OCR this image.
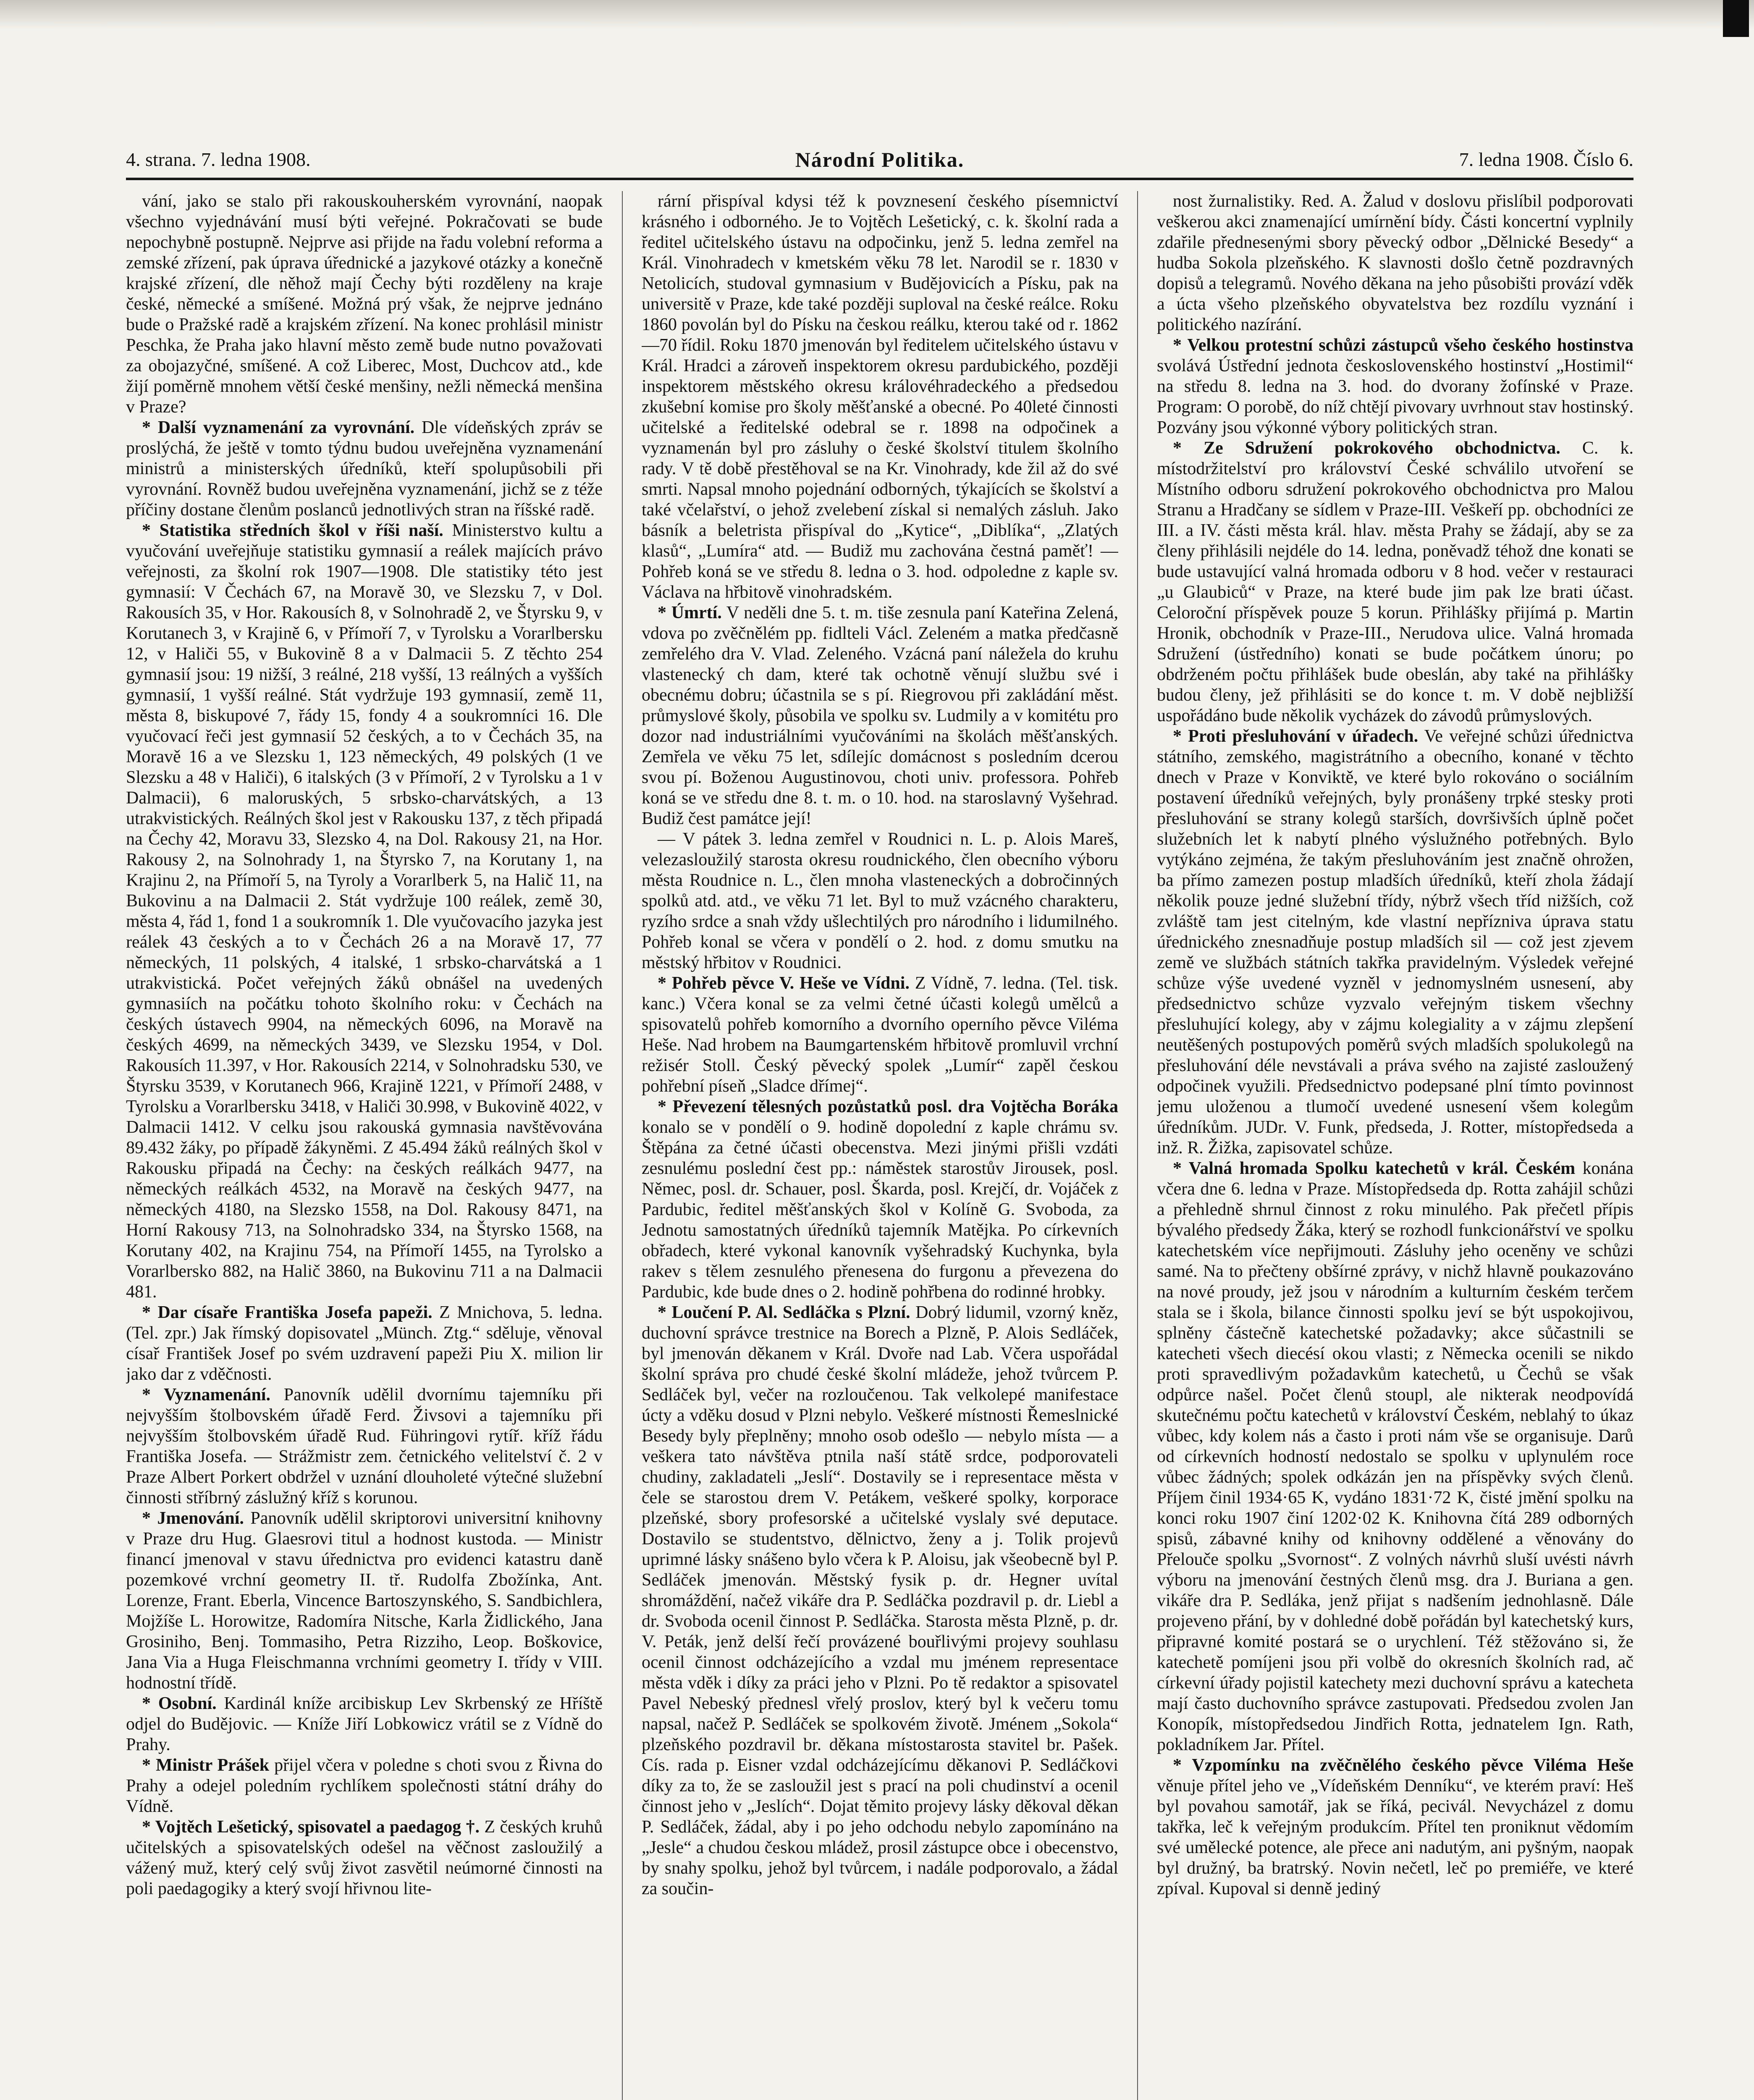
4. strana. 7. ledna 1908.	Národní Politika.	7. ledna 1908. Číslo 6.

vání, jako se stalo při rakouskouherském vyrovnání, naopak všechno vyjednávání musí býti veřejné. Pokračovati se bude nepochybně postupně. Nejprve asi přijde na řadu volební reforma a zemské zřízení, pak úprava úřednické a jazykové otázky a konečně krajské zřízení, dle něhož mají Čechy býti rozděleny na kraje české, německé a smíšené. Možná prý však, že nejprve jednáno bude o Pražské radě a krajském zřízení. Na konec prohlásil ministr Peschka, že Praha jako hlavní město země bude nutno považovati za obojazyčné, smíšené. A což Liberec, Most, Duchcov atd., kde žijí poměrně mnohem větší české menšiny, nežli německá menšina v Praze?

* Další vyznamenání za vyrovnání. Dle vídeňských zpráv se proslýchá, že ještě v tomto týdnu budou uveřejněna vyznamenání ministrů a ministerských úředníků, kteří spolupůsobili při vyrovnání. Rovněž budou uveřejněna vyznamenání, jichž se z téže příčiny dostane členům poslanců jednotlivých stran na říšské radě.

* Statistika středních škol v říši naší. Ministerstvo kultu a vyučování uveřejňuje statistiku gymnasií a reálek majících právo veřejnosti, za školní rok 1907—1908. Dle statistiky této jest gymnasií: V Čechách 67, na Moravě 30, ve Slezsku 7, v Dol. Rakousích 35, v Hor. Rakousích 8, v Solnohradě 2, ve Štyrsku 9, v Korutanech 3, v Krajině 6, v Přímoří 7, v Tyrolsku a Vorarlbersku 12, v Haliči 55, v Bukovině 8 a v Dalmacii 5. Z těchto 254 gymnasií jsou: 19 nižší, 3 reálné, 218 vyšší, 13 reálných a vyšších gymnasií, 1 vyšší reálné. Stát vydržuje 193 gymnasií, země 11, města 8, biskupové 7, řády 15, fondy 4 a soukromníci 16. Dle vyučovací řeči jest gymnasií 52 českých, a to v Čechách 35, na Moravě 16 a ve Slezsku 1, 123 německých, 49 polských (1 ve Slezsku a 48 v Haliči), 6 italských (3 v Přímoří, 2 v Tyrolsku a 1 v Dalmacii), 6 maloruských, 5 srbsko-charvátských, a 13 utrakvistických. Reálných škol jest v Rakousku 137, z těch připadá na Čechy 42, Moravu 33, Slezsko 4, na Dol. Rakousy 21, na Hor. Rakousy 2, na Solnohrady 1, na Štyrsko 7, na Korutany 1, na Krajinu 2, na Přímoří 5, na Tyroly a Vorarlberk 5, na Halič 11, na Bukovinu a na Dalmacii 2. Stát vydržuje 100 reálek, země 30, města 4, řád 1, fond 1 a soukromník 1. Dle vyučovacího jazyka jest reálek 43 českých a to v Čechách 26 a na Moravě 17, 77 německých, 11 polských, 4 italské, 1 srbsko-charvátská a 1 utrakvistická. Počet veřejných žáků obnášel na uvedených gymnasiích na počátku tohoto školního roku: v Čechách na českých ústavech 9904, na německých 6096, na Moravě na českých 4699, na německých 3439, ve Slezsku 1954, v Dol. Rakousích 11.397, v Hor. Rakousích 2214, v Solnohradsku 530, ve Štyrsku 3539, v Korutanech 966, Krajině 1221, v Přímoří 2488, v Tyrolsku a Vorarlbersku 3418, v Haliči 30.998, v Bukovině 4022, v Dalmacii 1412. V celku jsou rakouská gymnasia navštěvována 89.432 žáky, po případě žákyněmi. Z 45.494 žáků reálných škol v Rakousku připadá na Čechy: na českých reálkách 9477, na německých reálkách 4532, na Moravě na českých 9477, na německých 4180, na Slezsko 1558, na Dol. Rakousy 8471, na Horní Rakousy 713, na Solnohradsko 334, na Štyrsko 1568, na Korutany 402, na Krajinu 754, na Přímoří 1455, na Tyrolsko a Vorarlbersko 882, na Halič 3860, na Bukovinu 711 a na Dalmacii 481.

* Dar císaře Františka Josefa papeži. Z Mnichova, 5. ledna. (Tel. zpr.) Jak římský dopisovatel „Münch. Ztg.“ sděluje, věnoval císař František Josef po svém uzdravení papeži Piu X. milion lir jako dar z vděčnosti.

* Vyznamenání. Panovník udělil dvornímu tajemníku při nejvyšším štolbovském úřadě Ferd. Živsovi a tajemníku při nejvyšším štolbovském úřadě Rud. Führingovi rytíř. kříž řádu Františka Josefa. — Strážmistr zem. četnického velitelství č. 2 v Praze Albert Porkert obdržel v uznání dlouholeté výtečné služební činnosti stříbrný záslužný kříž s korunou.

* Jmenování. Panovník udělil skriptorovi universitní knihovny v Praze dru Hug. Glaesrovi titul a hodnost kustoda. — Ministr financí jmenoval v stavu úřednictva pro evidenci katastru daně pozemkové vrchní geometry II. tř. Rudolfa Zbožínka, Ant. Lorenze, Frant. Eberla, Vincence Bartoszynského, S. Sandbichlera, Mojžíše L. Horowitze, Radomíra Nitsche, Karla Židlického, Jana Grosiniho, Benj. Tommasiho, Petra Rizziho, Leop. Boškovice, Jana Via a Huga Fleischmanna vrchními geometry I. třídy v VIII. hodnostní třídě.

* Osobní. Kardinál kníže arcibiskup Lev Skrbenský ze Hříště odjel do Budějovic. — Kníže Jiří Lobkowicz vrátil se z Vídně do Prahy.

* Ministr Prášek přijel včera v poledne s choti svou z Řivna do Prahy a odejel poledním rychlíkem společnosti státní dráhy do Vídně.

* Vojtěch Lešetický, spisovatel a paedagog †. Z českých kruhů učitelských a spisovatelských odešel na věčnost zasloužilý a vážený muž, který celý svůj život zasvětil neúmorné činnosti na poli paedagogiky a který svojí hřivnou lite-

rární přispíval kdysi též k povznesení českého písemnictví krásného i odborného. Je to Vojtěch Lešetický, c. k. školní rada a ředitel učitelského ústavu na odpočinku, jenž 5. ledna zemřel na Král. Vinohradech v kmetském věku 78 let. Narodil se r. 1830 v Netolicích, studoval gymnasium v Budějovicích a Písku, pak na universitě v Praze, kde také později suploval na české reálce. Roku 1860 povolán byl do Písku na českou reálku, kterou také od r. 1862—70 řídil. Roku 1870 jmenován byl ředitelem učitelského ústavu v Král. Hradci a zároveň inspektorem okresu pardubického, později inspektorem městského okresu královéhradeckého a předsedou zkušební komise pro školy měšťanské a obecné. Po 40leté činnosti učitelské a ředitelské odebral se r. 1898 na odpočinek a vyznamenán byl pro zásluhy o české školství titulem školního rady. V tě době přestěhoval se na Kr. Vinohrady, kde žil až do své smrti. Napsal mnoho pojednání odborných, týkajících se školství a také včelařství, o jehož zvelebení získal si nemalých zásluh. Jako básník a beletrista přispíval do „Kytice“, „Diblíka“, „Zlatých klasů“, „Lumíra“ atd. — Budiž mu zachována čestná paměť! — Pohřeb koná se ve středu 8. ledna o 3. hod. odpoledne z kaple sv. Václava na hřbitově vinohradském.

* Úmrtí. V neděli dne 5. t. m. tiše zesnula paní Kateřina Zelená, vdova po zvěčnělém pp. fidlteli Václ. Zeleném a matka předčasně zemřelého dra V. Vlad. Zeleného. Vzácná paní náležela do kruhu vlastenecký ch dam, které tak ochotně věnují službu své i obecnému dobru; účastnila se s pí. Riegrovou při zakládání měst. průmyslové školy, působila ve spolku sv. Ludmily a v komitétu pro dozor nad industriálními vyučováními na školách měšťanských. Zemřela ve věku 75 let, sdílejíc domácnost s posledním dcerou svou pí. Boženou Augustinovou, choti univ. professora. Pohřeb koná se ve středu dne 8. t. m. o 10. hod. na staroslavný Vyšehrad. Budiž čest památce její!

— V pátek 3. ledna zemřel v Roudnici n. L. p. Alois Mareš, velezasloužilý starosta okresu roudnického, člen obecního výboru města Roudnice n. L., člen mnoha vlasteneckých a dobročinných spolků atd. atd., ve věku 71 let. Byl to muž vzácného charakteru, ryzího srdce a snah vždy ušlechtilých pro národního i lidumilného. Pohřeb konal se včera v pondělí o 2. hod. z domu smutku na městský hřbitov v Roudnici.

* Pohřeb pěvce V. Heše ve Vídni. Z Vídně, 7. ledna. (Tel. tisk. kanc.) Včera konal se za velmi četné účasti kolegů umělců a spisovatelů pohřeb komorního a dvorního operního pěvce Viléma Heše. Nad hrobem na Baumgartenském hřbitově promluvil vrchní režisér Stoll. Český pěvecký spolek „Lumír“ zapěl českou pohřební píseň „Sladce dřímej“.

* Převezení tělesných pozůstatků posl. dra Vojtěcha Boráka konalo se v pondělí o 9. hodině dopolední z kaple chrámu sv. Štěpána za četné účasti obecenstva. Mezi jinými přišli vzdáti zesnulému poslední čest pp.: náměstek starostův Jirousek, posl. Němec, posl. dr. Schauer, posl. Škarda, posl. Krejčí, dr. Vojáček z Pardubic, ředitel měšťanských škol v Kolíně G. Svoboda, za Jednotu samostatných úředníků tajemník Matějka. Po církevních obřadech, které vykonal kanovník vyšehradský Kuchynka, byla rakev s tělem zesnulého přenesena do furgonu a převezena do Pardubic, kde bude dnes o 2. hodině pohřbena do rodinné hrobky.

* Loučení P. Al. Sedláčka s Plzní. Dobrý lidumil, vzorný kněz, duchovní správce trestnice na Borech a Plzně, P. Alois Sedláček, byl jmenován děkanem v Král. Dvoře nad Lab. Včera uspořádal školní správa pro chudé české školní mládeže, jehož tvůrcem P. Sedláček byl, večer na rozloučenou. Tak velkolepé manifestace úcty a vděku dosud v Plzni nebylo. Veškeré místnosti Řemeslnické Besedy byly přeplněny; mnoho osob odešlo — nebylo místa — a veškera tato návštěva ptnila naší státě srdce, podporovateli chudiny, zakladateli „Jeslí“. Dostavily se i representace města v čele se starostou drem V. Petákem, veškeré spolky, korporace plzeňské, sbory profesorské a učitelské vyslaly své deputace. Dostavilo se studentstvo, dělnictvo, ženy a j. Tolik projevů uprimné lásky snášeno bylo včera k P. Aloisu, jak všeobecně byl P. Sedláček jmenován. Městský fysik p. dr. Hegner uvítal shromáždění, načež vikáře dra P. Sedláčka pozdravil p. dr. Liebl a dr. Svoboda ocenil činnost P. Sedláčka. Starosta města Plzně, p. dr. V. Peták, jenž delší řečí provázené bouřlivými projevy souhlasu ocenil činnost odcházejícího a vzdal mu jménem representace města vděk i díky za práci jeho v Plzni. Po tě redaktor a spisovatel Pavel Nebeský přednesl vřelý proslov, který byl k večeru tomu napsal, načež P. Sedláček se spolkovém životě. Jménem „Sokola“ plzeňského pozdravil br. děkana místostarosta stavitel br. Pašek. Cís. rada p. Eisner vzdal odcházejícímu děkanovi P. Sedláčkovi díky za to, že se zasloužil jest s prací na poli chudinství a ocenil činnost jeho v „Jeslích“. Dojat těmito projevy lásky děkoval děkan P. Sedláček, žádal, aby i po jeho odchodu nebylo zapomínáno na „Jesle“ a chudou českou mládež, prosil zástupce obce i obecenstvo, by snahy spolku, jehož byl tvůrcem, i nadále podporovalo, a žádal za součin-

nost žurnalistiky. Red. A. Žalud v doslovu přislíbil podporovati veškerou akci znamenající umírnění bídy. Části koncertní vyplnily zdařile přednesenými sbory pěvecký odbor „Dělnické Besedy“ a hudba Sokola plzeňského. K slavnosti došlo četně pozdravných dopisů a telegramů. Nového děkana na jeho působišti provází vděk a úcta všeho plzeňského obyvatelstva bez rozdílu vyznání i politického nazírání.

* Velkou protestní schůzi zástupců všeho českého hostinstva svolává Ústřední jednota československého hostinství „Hostimil“ na středu 8. ledna na 3. hod. do dvorany žofínské v Praze. Program: O porobě, do níž chtějí pivovary uvrhnout stav hostinský. Pozvány jsou výkonné výbory politických stran.

* Ze Sdružení pokrokového obchodnictva. C. k. místodržitelství pro království České schválilo utvoření se Místního odboru sdružení pokrokového obchodnictva pro Malou Stranu a Hradčany se sídlem v Praze-III. Veškeří pp. obchodníci ze III. a IV. části města král. hlav. města Prahy se žádají, aby se za členy přihlásili nejdéle do 14. ledna, poněvadž téhož dne konati se bude ustavující valná hromada odboru v 8 hod. večer v restauraci „u Glaubiců“ v Praze, na které bude jim pak lze brati účast. Celoroční příspěvek pouze 5 korun. Přihlášky přijímá p. Martin Hronik, obchodník v Praze-III., Nerudova ulice. Valná hromada Sdružení (ústředního) konati se bude počátkem únoru; po obdrženém počtu přihlášek bude obeslán, aby také na přihlášky budou členy, jež přihlásiti se do konce t. m. V době nejbližší uspořádáno bude několik vycházek do závodů průmyslových.

* Proti přesluhování v úřadech. Ve veřejné schůzi úřednictva státního, zemského, magistrátního a obecního, konané v těchto dnech v Praze v Konviktě, ve které bylo rokováno o sociálním postavení úředníků veřejných, byly pronášeny trpké stesky proti přesluhování se strany kolegů starších, dovršivších úplně počet služebních let k nabytí plného výslužného potřebných. Bylo vytýkáno zejména, že takým přesluhováním jest značně ohrožen, ba přímo zamezen postup mladších úředníků, kteří zhola žádají několik pouze jedné služební třídy, nýbrž všech tříd nižších, což zvláště tam jest citelným, kde vlastní nepřízniva úprava statu úřednického znesnadňuje postup mladších sil — což jest zjevem země ve službách státních takřka pravidelným. Výsledek veřejné schůze výše uvedené vyzněl v jednomyslném usnesení, aby předsednictvo schůze vyzvalo veřejným tiskem všechny přesluhující kolegy, aby v zájmu kolegiality a v zájmu zlepšení neutěšených postupových poměrů svých mladších spolukolegů na přesluhování déle nevstávali a práva svého na zajisté zasloužený odpočinek využili. Předsednictvo podepsané plní tímto povinnost jemu uloženou a tlumočí uvedené usnesení všem kolegům úředníkům. JUDr. V. Funk, předseda, J. Rotter, místopředseda a inž. R. Žižka, zapisovatel schůze.

* Valná hromada Spolku katechetů v král. Českém konána včera dne 6. ledna v Praze. Místopředseda dp. Rotta zahájil schůzi a přehledně shrnul činnost z roku minulého. Pak přečetl přípis bývalého předsedy Žáka, který se rozhodl funkcionářství ve spolku katechetském více nepřijmouti. Zásluhy jeho oceněny ve schůzi samé. Na to přečteny obšírné zprávy, v nichž hlavně poukazováno na nové proudy, jež jsou v národním a kulturním českém terčem stala se i škola, bilance činnosti spolku jeví se být uspokojivou, splněny částečně katechetské požadavky; akce sůčastnili se katecheti všech diecésí okou vlasti; z Německa ocenili se nikdo proti spravedlivým požadavkům katechetů, u Čechů se však odpůrce našel. Počet členů stoupl, ale nikterak neodpovídá skutečnému počtu katechetů v království Českém, neblahý to úkaz vůbec, kdy kolem nás a často i proti nám vše se organisuje. Darů od církevních hodností nedostalo se spolku v uplynulém roce vůbec žádných; spolek odkázán jen na příspěvky svých členů. Příjem činil 1934·65 K, vydáno 1831·72 K, čisté jmění spolku na konci roku 1907 činí 1202·02 K. Knihovna čítá 289 odborných spisů, zábavné knihy od knihovny oddělené a věnovány do Přelouče spolku „Svornost“. Z volných návrhů sluší uvésti návrh výboru na jmenování čestných členů msg. dra J. Buriana a gen. vikáře dra P. Sedláka, jenž přijat s nadšením jednohlasně. Dále projeveno přání, by v dohledné době pořádán byl katechetský kurs, připravné komité postará se o urychlení. Též stěžováno si, že katechetě pomíjeni jsou při volbě do okresních školních rad, ač církevní úřady pojistil katechety mezi duchovní správu a katecheta mají často duchovního správce zastupovati. Předsedou zvolen Jan Konopík, místopředsedou Jindřich Rotta, jednatelem Ign. Rath, pokladníkem Jar. Přítel.

* Vzpomínku na zvěčnělého českého pěvce Viléma Heše věnuje přítel jeho ve „Vídeňském Denníku“, ve kterém praví: Heš byl povahou samotář, jak se říká, pecivál. Nevycházel z domu takřka, leč k veřejným produkcím. Přítel ten proniknut vědomím své umělecké potence, ale přece ani nadutým, ani pyšným, naopak byl družný, ba bratrský. Novin nečetl, leč po premiéře, ve které zpíval. Kupoval si denně jediný
